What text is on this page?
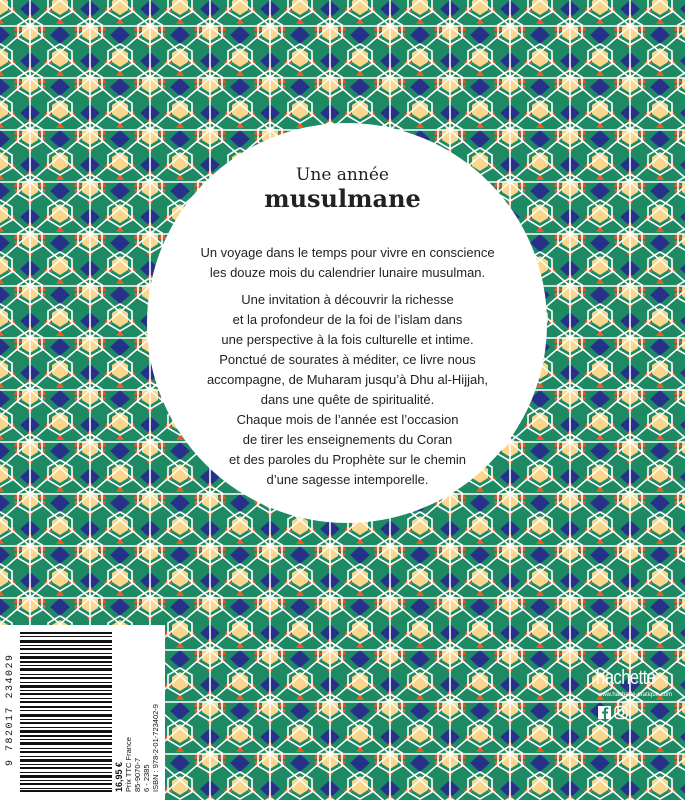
Une année

musulmane

Un voyage dans le temps pour vivre en conscience
les douze mois du calendrier lunaire musulman.

Une invitation à découvrir la richesse
et la profondeur de la foi de l’islam dans
une perspective à la fois culturelle et intime.
Ponctué de sourates à méditer, ce livre nous
accompagne, de Muharam jusqu’à Dhu al-Hijjah,
dans une quête de spiritualité.
Chaque mois de l’année est l’occasion
de tirer les enseignements du Coran
et des paroles du Prophète sur le chemin
d’une sagesse intemporelle.

9 782017 234029
16,95 € Prix TTC France 85-9070-7 6 - 2385 ISBN : 978-2-01-723402-9
hachette
www.hachette-pratique.com
